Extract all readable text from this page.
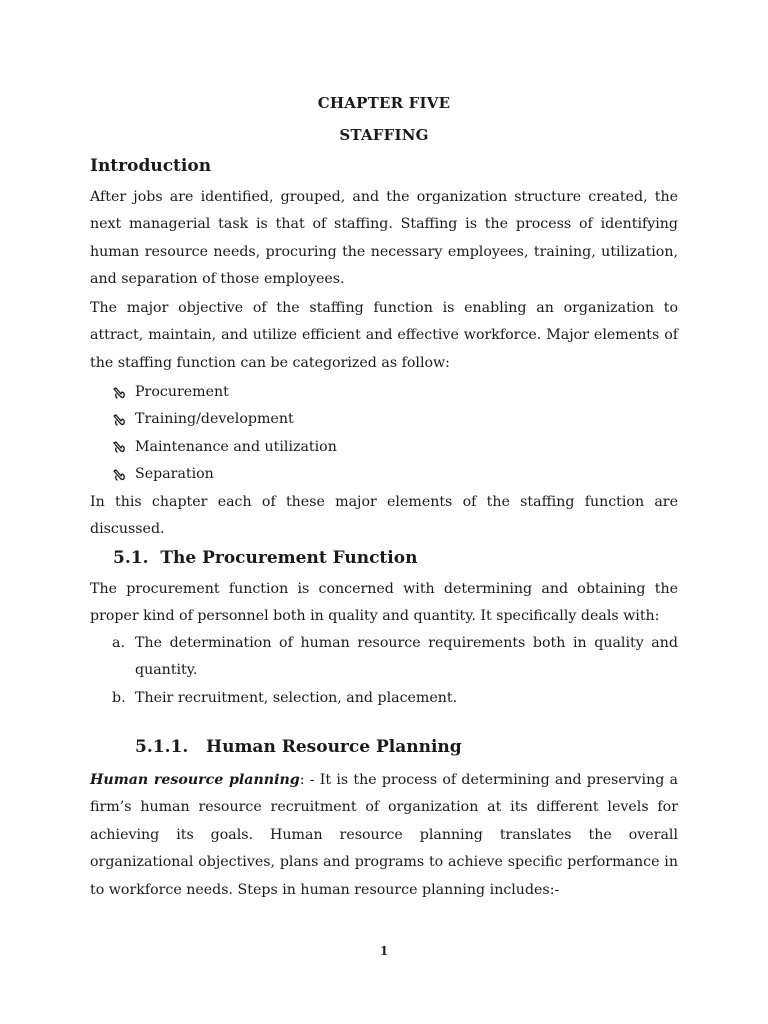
CHAPTER FIVE
STAFFING
Introduction

After jobs are identified, grouped, and the organization structure created, the next managerial task is that of staffing. Staffing is the process of identifying human resource needs, procuring the necessary employees, training, utilization, and separation of those employees.

The major objective of the staffing function is enabling an organization to attract, maintain, and utilize efficient and effective workforce. Major elements of the staffing function can be categorized as follow:

Procurement
Training/development
Maintenance and utilization
Separation

In this chapter each of these major elements of the staffing function are discussed.

5.1. The Procurement Function

The procurement function is concerned with determining and obtaining the proper kind of personnel both in quality and quantity. It specifically deals with:

a. The determination of human resource requirements both in quality and quantity.
b. Their recruitment, selection, and placement.
5.1.1. Human Resource Planning

Human resource planning: - It is the process of determining and preserving a firm’s human resource recruitment of organization at its different levels for achieving its goals. Human resource planning translates the overall organizational objectives, plans and programs to achieve specific performance in to workforce needs. Steps in human resource planning includes:-

1
